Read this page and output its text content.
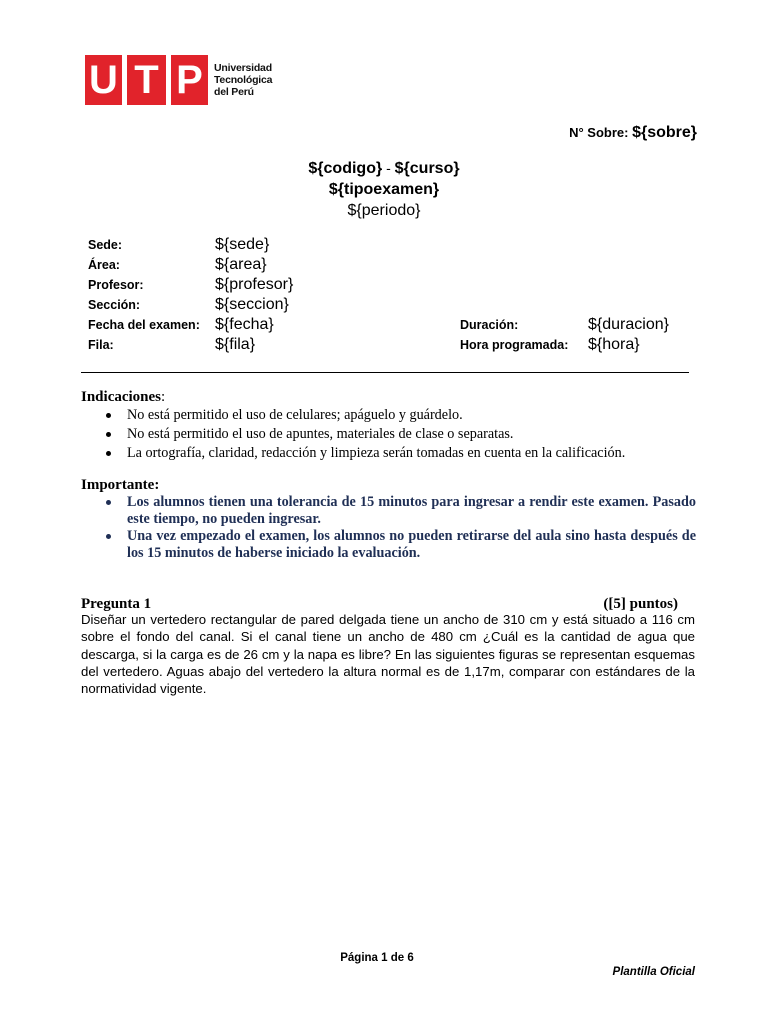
U T P	Universidad
Tecnológica
del Perú
N° Sobre: ${sobre}
${codigo} - ${curso}
${tipoexamen}
${periodo}
Sede:	${sede}
Área:	${area}
Profesor:	${profesor}
Sección:	${seccion}
Fecha del examen: ${fecha}	Duración:	${duracion}
Fila:	${fila}	Hora programada: ${hora}
Indicaciones:
No está permitido el uso de celulares; apáguelo y guárdelo.
No está permitido el uso de apuntes, materiales de clase o separatas.
La ortografía, claridad, redacción y limpieza serán tomadas en cuenta en la calificación.
Importante:
Los alumnos tienen una tolerancia de 15 minutos para ingresar a rendir este examen. Pasado este tiempo, no pueden ingresar.
Una vez empezado el examen, los alumnos no pueden retirarse del aula sino hasta después de los 15 minutos de haberse iniciado la evaluación.
Pregunta 1	([5] puntos)
Diseñar un vertedero rectangular de pared delgada tiene un ancho de 310 cm y está situado a 116 cm sobre el fondo del canal. Si el canal tiene un ancho de 480 cm ¿Cuál es la cantidad de agua que descarga, si la carga es de 26 cm y la napa es libre? En las siguientes figuras se representan esquemas del vertedero. Aguas abajo del vertedero la altura normal es de 1,17m, comparar con estándares de la normatividad vigente.
Página 1 de 6
Plantilla Oficial
